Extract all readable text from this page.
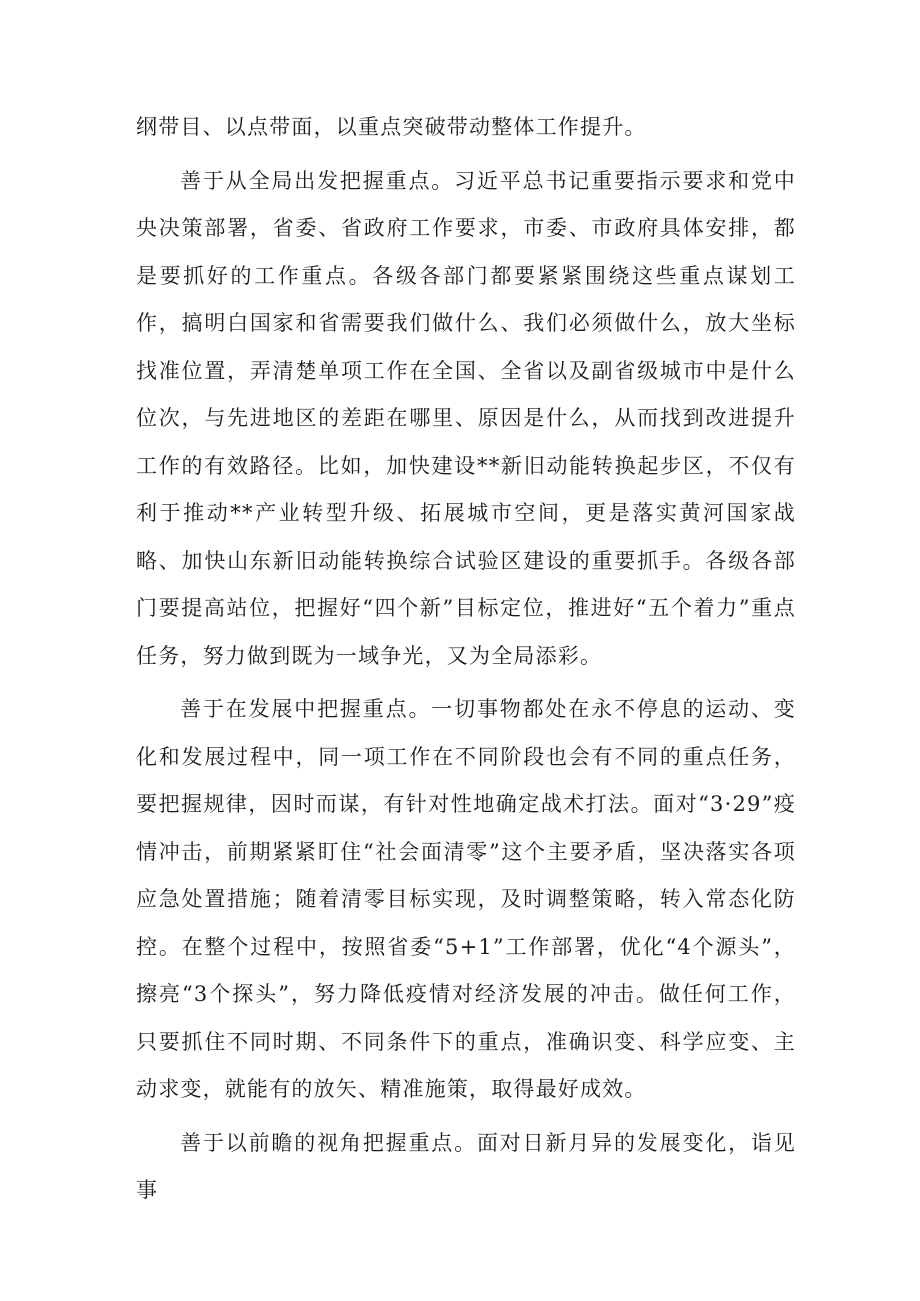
纲带目、以点带面，以重点突破带动整体工作提升。

善于从全局出发把握重点。习近平总书记重要指示要求和党中央决策部署，省委、省政府工作要求，市委、市政府具体安排，都是要抓好的工作重点。各级各部门都要紧紧围绕这些重点谋划工作，搞明白国家和省需要我们做什么、我们必须做什么，放大坐标找准位置，弄清楚单项工作在全国、全省以及副省级城市中是什么位次，与先进地区的差距在哪里、原因是什么，从而找到改进提升工作的有效路径。比如，加快建设**新旧动能转换起步区，不仅有利于推动**产业转型升级、拓展城市空间，更是落实黄河国家战略、加快山东新旧动能转换综合试验区建设的重要抓手。各级各部门要提高站位，把握好“四个新”目标定位，推进好“五个着力”重点任务，努力做到既为一域争光，又为全局添彩。

善于在发展中把握重点。一切事物都处在永不停息的运动、变化和发展过程中，同一项工作在不同阶段也会有不同的重点任务，要把握规律，因时而谋，有针对性地确定战术打法。面对“3·29”疫情冲击，前期紧紧盯住“社会面清零”这个主要矛盾，坚决落实各项应急处置措施；随着清零目标实现，及时调整策略，转入常态化防控。在整个过程中，按照省委“5+1”工作部署，优化“4个源头”，擦亮“3个探头”，努力降低疫情对经济发展的冲击。做任何工作，只要抓住不同时期、不同条件下的重点，准确识变、科学应变、主动求变，就能有的放矢、精准施策，取得最好成效。

善于以前瞻的视角把握重点。面对日新月异的发展变化，诣见事
